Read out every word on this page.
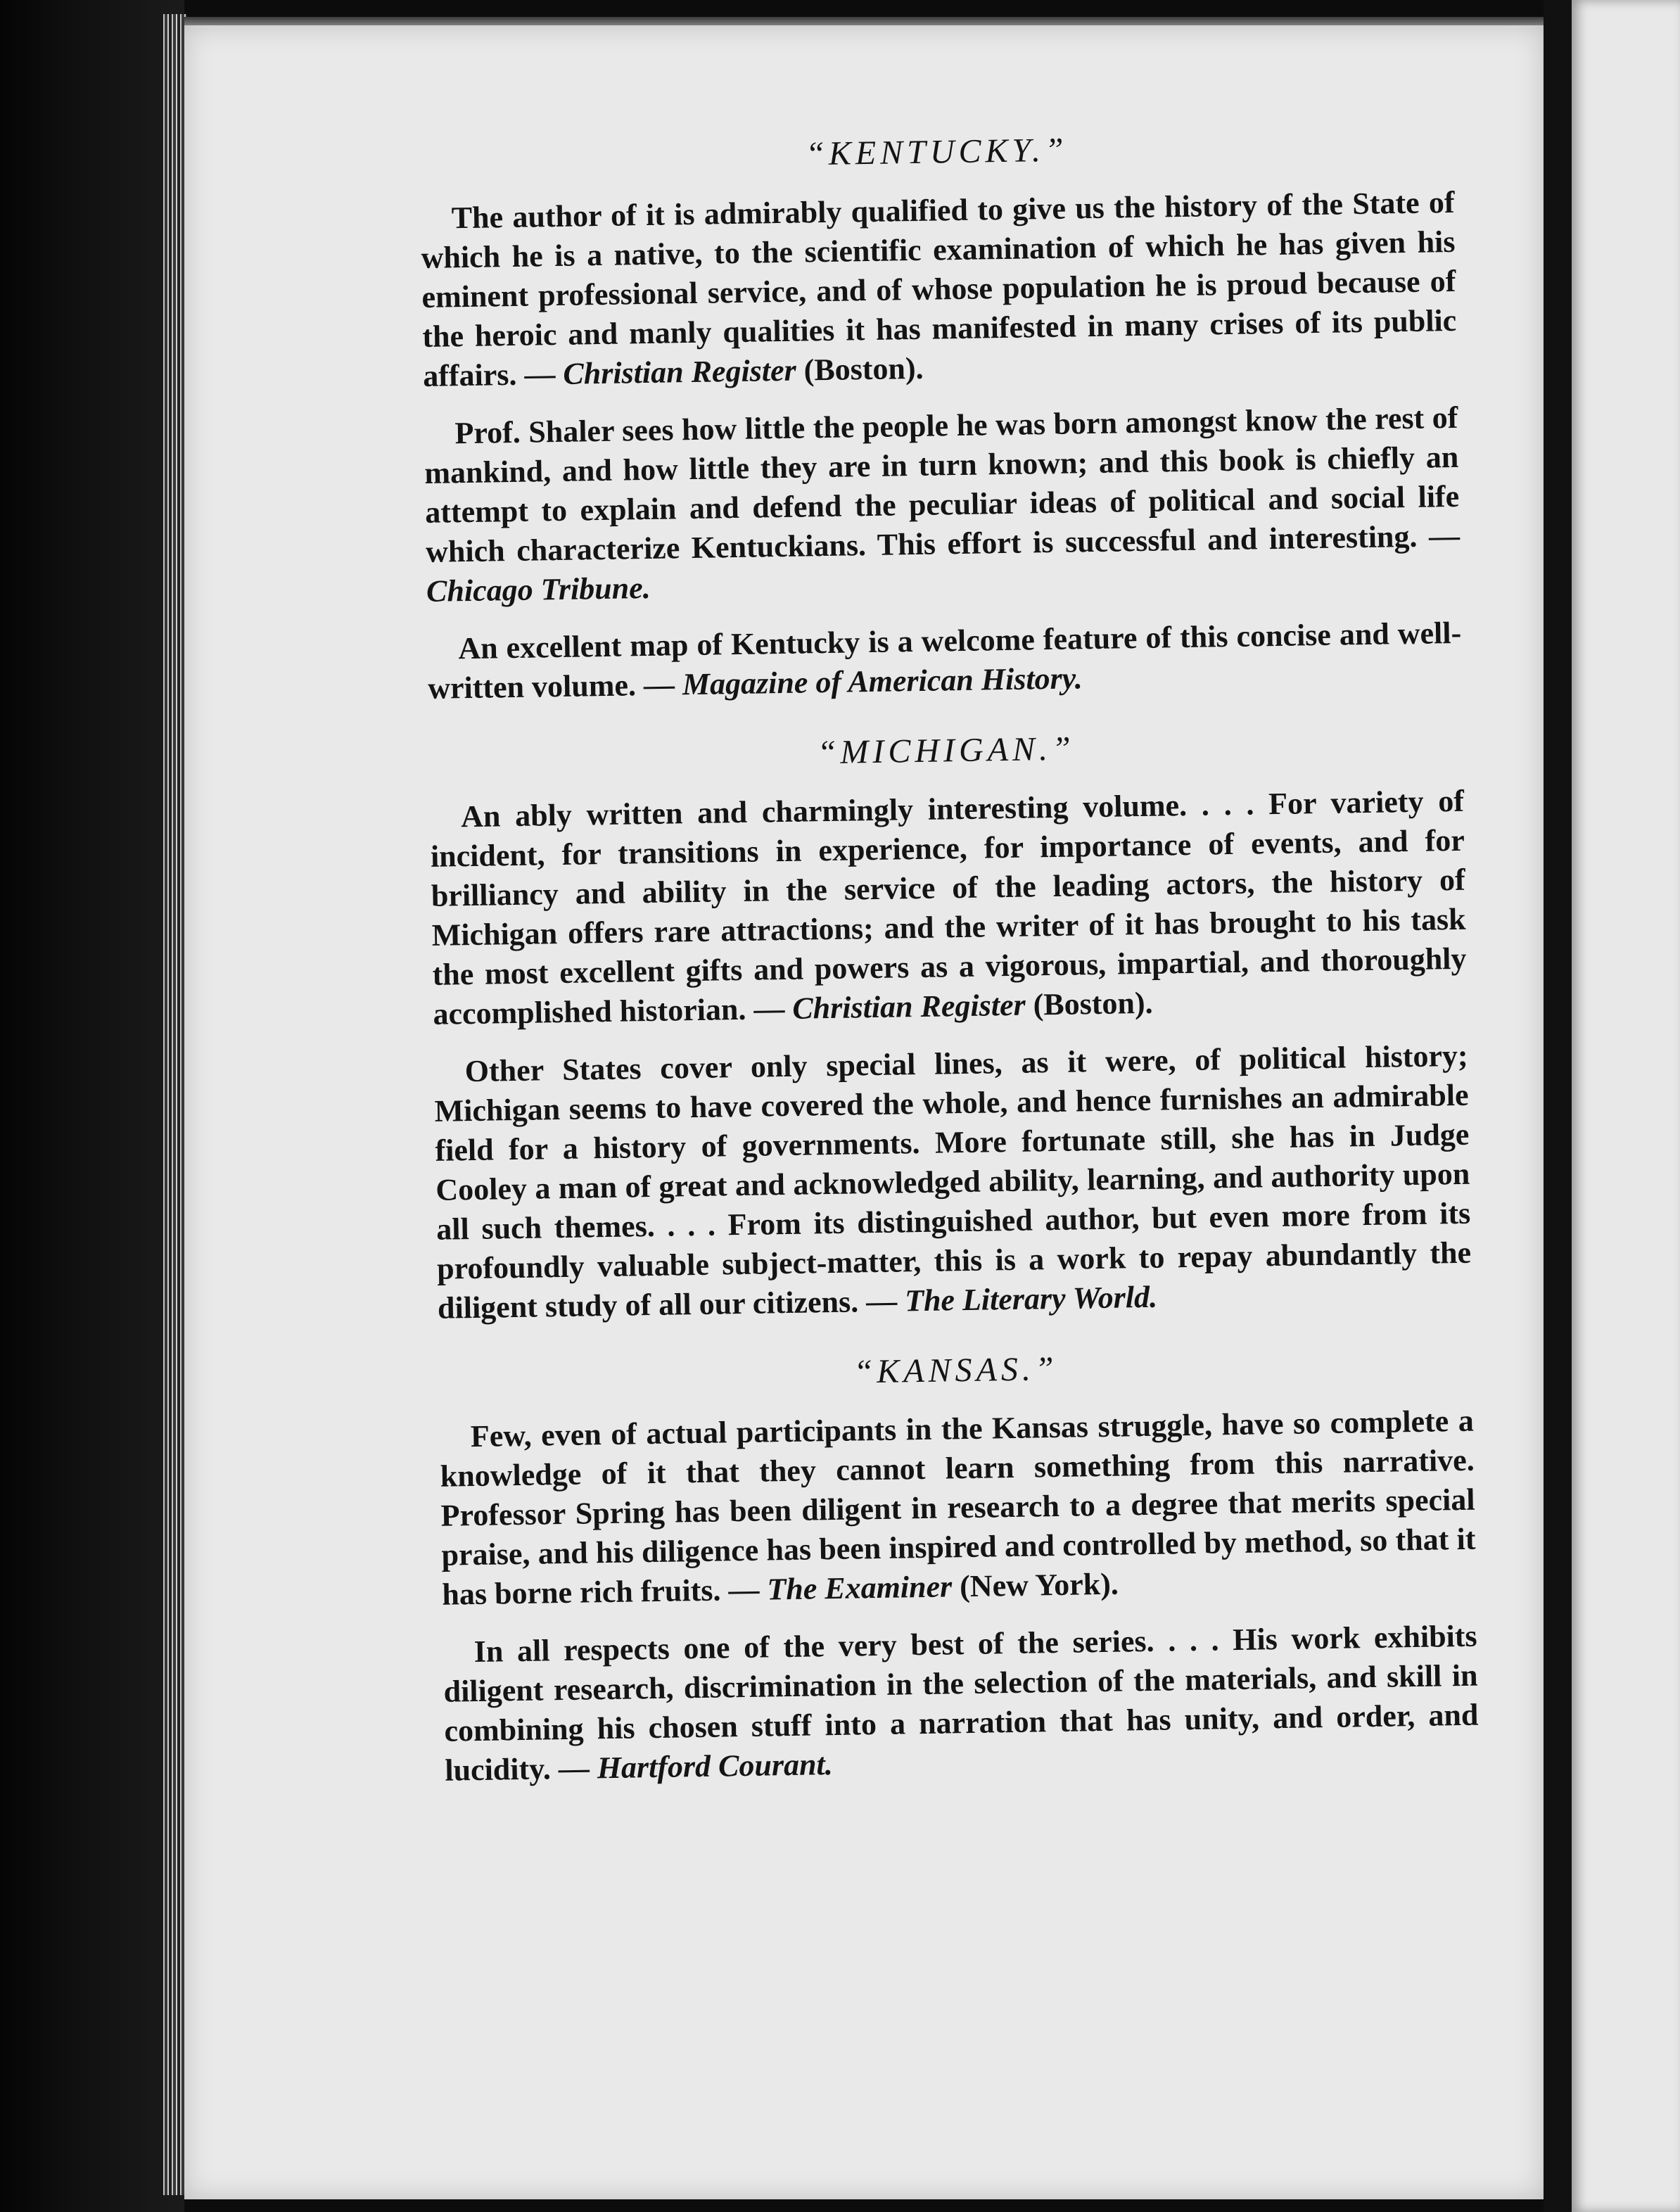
“KENTUCKY.”

The author of it is admirably qualified to give us the history of the State of which he is a native, to the scientific examination of which he has given his eminent professional service, and of whose population he is proud because of the heroic and manly qualities it has manifested in many crises of its public affairs. — Christian Register (Boston).

Prof. Shaler sees how little the people he was born amongst know the rest of mankind, and how little they are in turn known; and this book is chiefly an attempt to explain and defend the peculiar ideas of political and social life which characterize Kentuckians. This effort is successful and interesting. — Chicago Tribune.

An excellent map of Kentucky is a welcome feature of this concise and well-written volume. — Magazine of American History.

“MICHIGAN.”

An ably written and charmingly interesting volume. . . . For variety of incident, for transitions in experience, for importance of events, and for brilliancy and ability in the service of the leading actors, the history of Michigan offers rare attractions; and the writer of it has brought to his task the most excellent gifts and powers as a vigorous, impartial, and thoroughly accomplished historian. — Christian Register (Boston).

Other States cover only special lines, as it were, of political history; Michigan seems to have covered the whole, and hence furnishes an admirable field for a history of governments. More fortunate still, she has in Judge Cooley a man of great and acknowledged ability, learning, and authority upon all such themes. . . . From its distinguished author, but even more from its profoundly valuable subject-matter, this is a work to repay abundantly the diligent study of all our citizens. — The Literary World.

“KANSAS.”

Few, even of actual participants in the Kansas struggle, have so complete a knowledge of it that they cannot learn something from this narrative. Professor Spring has been diligent in research to a degree that merits special praise, and his diligence has been inspired and controlled by method, so that it has borne rich fruits. — The Examiner (New York).

In all respects one of the very best of the series. . . . His work exhibits diligent research, discrimination in the selection of the materials, and skill in combining his chosen stuff into a narration that has unity, and order, and lucidity. — Hartford Courant.
